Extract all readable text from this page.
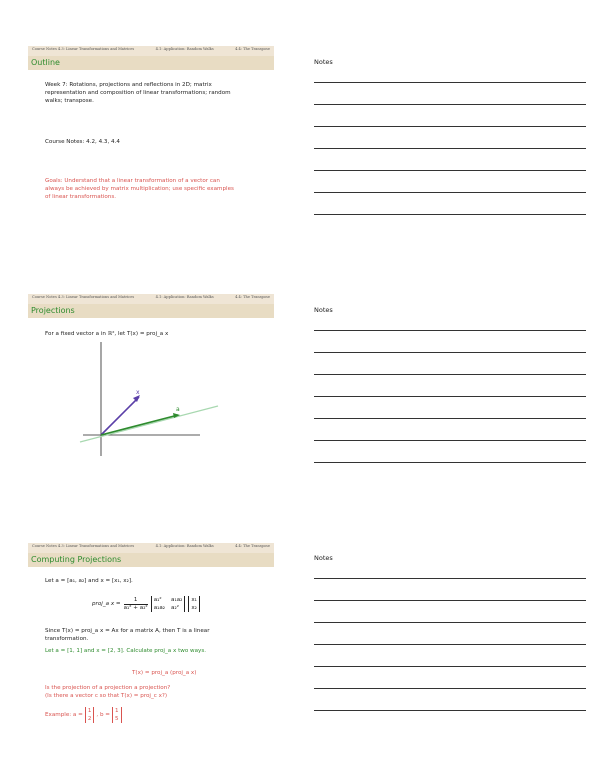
Course Notes 4.3: Linear Transformations and Matrices	4.1: Application: Random Walks	4.4: The Transpose
Outline
Week 7: Rotations, projections and reflections in 2D; matrix
representation and composition of linear transformations; random
walks; transpose.
Course Notes: 4.2, 4.3, 4.4
Goals: Understand that a linear transformation of a vector can
always be achieved by matrix multiplication; use specific examples
of linear transformations.
Notes
Course Notes 4.3: Linear Transformations and Matrices	4.1: Application: Random Walks	4.4: The Transpose
Projections
For a fixed vector a in ℝ², let T(x) = proj_a x
x
a
Notes
Course Notes 4.3: Linear Transformations and Matrices	4.1: Application: Random Walks	4.4: The Transpose
Computing Projections
Let a = [a₁, a₂] and x = [x₁, x₂].
proj_a x =
1
a₁² + a₂²
a₁²	a₁a₂
a₁a₂ a₂²
x₁
x₂
Since T(x) = proj_a x = Ax for a matrix A, then T is a linear
transformation.
Let a = [1, 1] and x = [2, 3]. Calculate proj_a x two ways.
T(x) = proj_a (proj_a x)
Is the projection of a projection a projection?
(Is there a vector c so that T(x) = proj_c x?)
Example: a =
1
2
, b =
1
5
Notes
